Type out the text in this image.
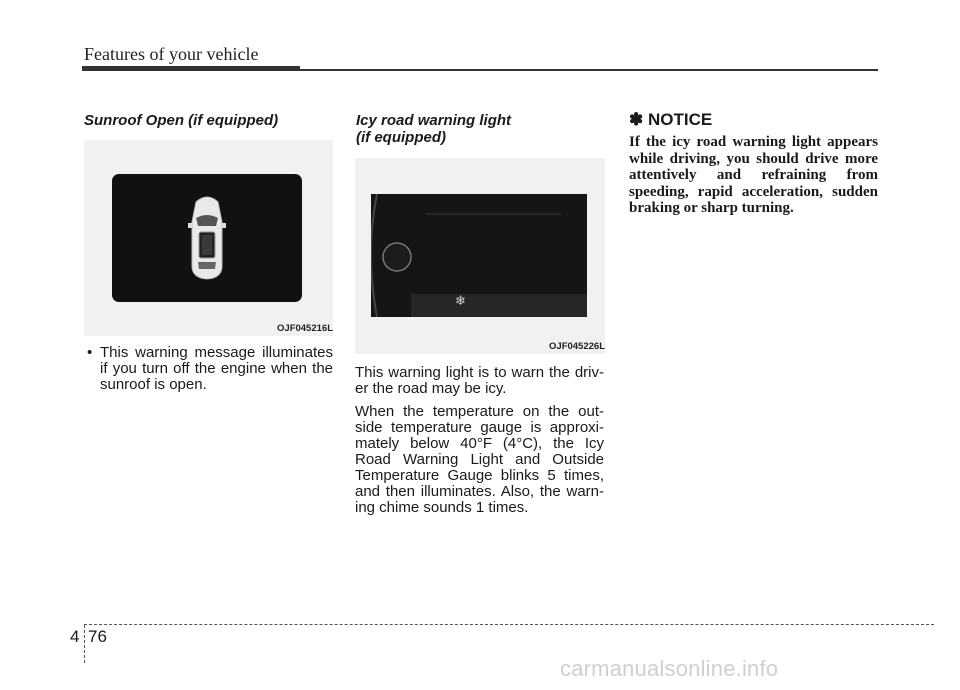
Features of your vehicle
Sunroof Open (if equipped)
OJF045216L
• This warning message illuminates if you turn off the engine when the sunroof is open.
Icy road warning light
(if equipped)
❄
OJF045226L

This warning light is to warn the driv- er the road may be icy.

When the temperature on the out- side temperature gauge is approxi- mately below 40°F (4°C), the Icy Road Warning Light and Outside Temperature Gauge blinks 5 times, and then illuminates. Also, the warn- ing chime sounds 1 times.

✽ NOTICE

If the icy road warning light appears while driving, you should drive more attentively and refraining from speeding, rapid acceleration, sudden braking or sharp turning.

4 76
carmanualsonline.info
